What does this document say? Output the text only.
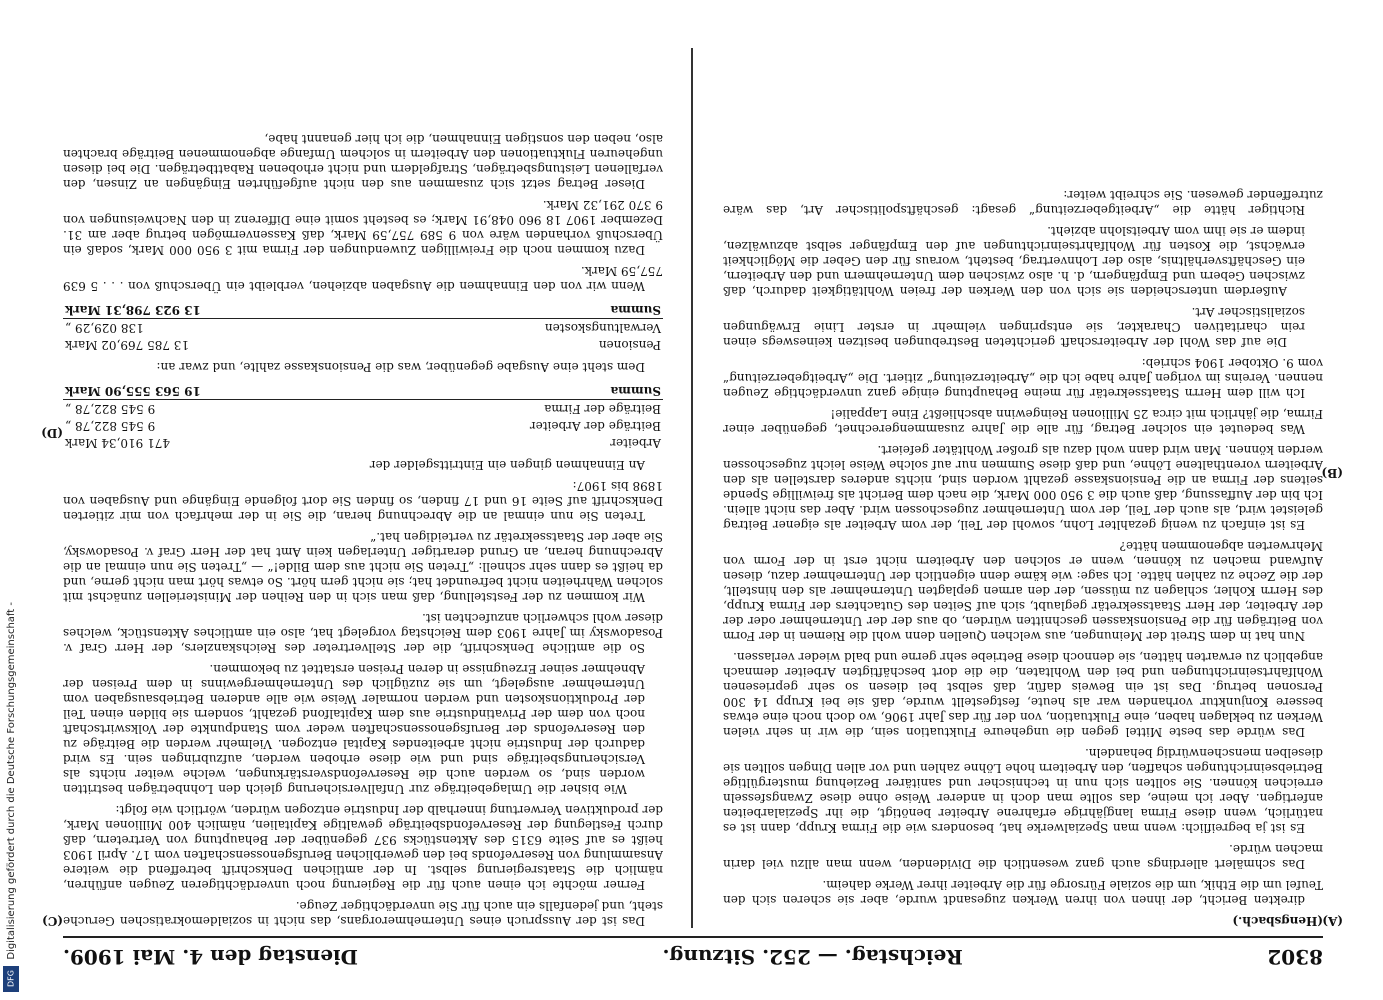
8302
Reichstag. — 252. Sitzung.
Dienstag den 4. Mai 1909.
(A)
(B)
(C)
(D)

(Hengsbach.)

direkten Bericht, der ihnen von ihren Werken zugesandt wurde, aber sie scheren sich den Teufel um die Ethik, um die soziale Fürsorge für die Arbeiter ihrer Werke daheim.

Das schmälert allerdings auch ganz wesentlich die Dividenden, wenn man allzu viel darin machen würde.

Es ist ja begreiflich: wenn man Spezialwerke hat, besonders wie die Firma Krupp, dann ist es natürlich, wenn diese Firma langjährige erfahrene Arbeiter benötigt, die ihr Spezialarbeiten anfertigen. Aber ich meine, das sollte man doch in anderer Weise ohne diese Zwangsfesseln erreichen können. Sie sollten sich nun in technischer und sanitärer Beziehung mustergültige Betriebseinrichtungen schaffen, den Arbeitern hohe Löhne zahlen und vor allen Dingen sollten sie dieselben menschenwürdig behandeln.

Das würde das beste Mittel gegen die ungeheure Fluktuation sein, die wir in sehr vielen Werken zu beklagen haben, eine Fluktuation, von der für das Jahr 1906, wo doch noch eine etwas bessere Konjunktur vorhanden war als heute, festgestellt wurde, daß sie bei Krupp 14 300 Personen betrug. Das ist ein Beweis dafür, daß selbst bei diesen so sehr gepriesenen Wohlfahrtseinrichtungen und bei den Wohltaten, die die dort beschäftigten Arbeiter demnach angeblich zu erwarten hätten, sie dennoch diese Betriebe sehr gerne und bald wieder verlassen.

Nun hat in dem Streit der Meinungen, aus welchen Quellen denn wohl die Riemen in der Form von Beiträgen für die Pensionskassen geschnitten würden, ob aus der der Unternehmer oder der der Arbeiter, der Herr Staatssekretär geglaubt, sich auf Seiten des Gutachters der Firma Krupp, des Herrn Kohler, schlagen zu müssen, der den armen geplagten Unternehmer als den hinstellt, der die Zeche zu zahlen hätte. Ich sage: wie käme denn eigentlich der Unternehmer dazu, diesen Aufwand machen zu können, wenn er solchen den Arbeitern nicht erst in der Form von Mehrwerten abgenommen hätte?

Es ist einfach zu wenig gezahlter Lohn, sowohl der Teil, der vom Arbeiter als eigener Beitrag geleistet wird, als auch der Teil, der vom Unternehmer zugeschossen wird. Aber das nicht allein. Ich bin der Auffassung, daß auch die 3 950 000 Mark, die nach dem Bericht als freiwillige Spende seitens der Firma an die Pensionskasse gezahlt worden sind, nichts anderes darstellen als den Arbeitern vorenthaltene Löhne, und daß diese Summen nur auf solche Weise leicht zugeschossen werden können. Man wird dann wohl dazu als großer Wohltäter gefeiert.

Was bedeutet ein solcher Betrag, für alle die Jahre zusammengerechnet, gegenüber einer Firma, die jährlich mit circa 25 Millionen Reingewinn abschließt? Eine Lappalie!

Ich will dem Herrn Staatssekretär für meine Behauptung einige ganz unverdächtige Zeugen nennen. Vereins im vorigen Jahre habe ich die „Arbeiterzeitung“ zitiert. Die „Arbeitgeberzeitung“ vom 9. Oktober 1904 schrieb:

Die auf das Wohl der Arbeiterschaft gerichteten Bestrebungen besitzen keineswegs einen rein charitativen Charakter, sie entspringen vielmehr in erster Linie Erwägungen sozialistischer Art.

Außerdem unterscheiden sie sich von den Werken der freien Wohltätigkeit dadurch, daß zwischen Gebern und Empfängern, d. h. also zwischen dem Unternehmern und den Arbeitern, ein Geschäftsverhältnis, also der Lohnvertrag, besteht, woraus für den Geber die Möglichkeit erwächst, die Kosten für Wohlfahrtseinrichtungen auf den Empfänger selbst abzuwälzen, indem er sie ihm vom Arbeitslohn abzieht.

Richtiger hätte die „Arbeitgeberzeitung“ gesagt: geschäftspolitischer Art, das wäre zutreffender gewesen. Sie schreibt weiter:

Das ist der Ausspruch eines Unternehmerorgans, das nicht in sozialdemokratischen Geruche steht, und jedenfalls ein auch für Sie unverdächtiger Zeuge.

Ferner möchte ich einen auch für die Regierung noch unverdächtigeren Zeugen anführen, nämlich die Staatsregierung selbst. In der amtlichen Denkschrift betreffend die weitere Ansammlung von Reservefonds bei den gewerblichen Berufsgenossenschaften vom 17. April 1903 heißt es auf Seite 6315 des Aktenstücks 937 gegenüber der Behauptung von Vertretern, daß durch Festlegung der Reservefondsbeiträge gewaltige Kapitalien, nämlich 400 Millionen Mark, der produktiven Verwertung innerhalb der Industrie entzogen würden, wörtlich wie folgt:

Wie bisher die Umlagebeiträge zur Unfallversicherung gleich den Lohnbeträgen bestritten worden sind, so werden auch die Reservefondsverstärkungen, welche weiter nichts als Versicherungsbeiträge sind und wie diese erhoben werden, aufzubringen sein. Es wird dadurch der Industrie nicht arbeitendes Kapital entzogen. Vielmehr werden die Beiträge zu den Reservefonds der Berufsgenossenschaften weder vom Standpunkte der Volkswirtschaft noch von dem der Privatindustrie aus dem Kapitalfond gezahlt, sondern sie bilden einen Teil der Produktionskosten und werden normaler Weise wie alle anderen Betriebsausgaben vom Unternehmer ausgelegt, um sie zuzüglich des Unternehmergewinns in dem Preisen der Abnehmer seiner Erzeugnisse in deren Preisen erstattet zu bekommen.

So die amtliche Denkschrift, die der Stellvertreter des Reichskanzlers, der Herr Graf v. Posadowsky im Jahre 1903 dem Reichstag vorgelegt hat, also ein amtliches Aktenstück, welches dieser wohl schwerlich anzufechten ist.

Wir kommen zu der Feststellung, daß man sich in den Reihen der Ministeriellen zunächst mit solchen Wahrheiten nicht befreundet hat; sie nicht gern hört. So etwas hört man nicht gerne, und da heißt es dann sehr schnell: „Treten Sie nicht aus dem Bilde!“ — „Treten Sie nun einmal an die Abrechnung heran, an Grund derartiger Unterlagen kein Amt hat der Herr Graf v. Posadowsky, Sie aber der Staatssekretär zu verteidigen hat.“

Treten Sie nun einmal an die Abrechnung heran, die Sie in der mehrfach von mir zitierten Denkschrift auf Seite 16 und 17 finden, so finden Sie dort folgende Eingänge und Ausgaben von 1898 bis 1907:

An Einnahmen gingen ein Eintrittsgelder der

Arbeiter	471 910,34 Mark
Beiträge der Arbeiter	9 545 822,78 „
Beiträge der Firma	9 545 822,78 „
Summa	19 563 555,90 Mark

Dem steht eine Ausgabe gegenüber, was die Pensionskasse zahlte, und zwar an:

Pensionen	13 785 769,02 Mark
Verwaltungskosten	138 029,29 „
Summa	13 923 798,31 Mark

Wenn wir von den Einnahmen die Ausgaben abziehen, verbleibt ein Überschuß von . . . 5 639 757,59 Mark.

Dazu kommen noch die Freiwilligen Zuwendungen der Firma mit 3 950 000 Mark, sodaß ein Überschuß vorhanden wäre von 9 589 757,59 Mark, daß Kassenvermögen betrug aber am 31. Dezember 1907 18 960 048,91 Mark; es besteht somit eine Differenz in den Nachweisungen von 9 370 291,32 Mark.

Dieser Betrag setzt sich zusammen aus den nicht aufgeführten Eingängen an Zinsen, den verfallenen Leistungsbeträgen, Strafgeldern und nicht erhobenen Rabattbeträgen. Die bei diesen ungeheuren Fluktuationen den Arbeitern in solchem Umfange abgenommenen Beiträge brachten also, neben den sonstigen Einnahmen, die ich hier genannt habe,

Digitalisierung gefördert durch die Deutsche Forschungsgemeinschaft -
DFG
